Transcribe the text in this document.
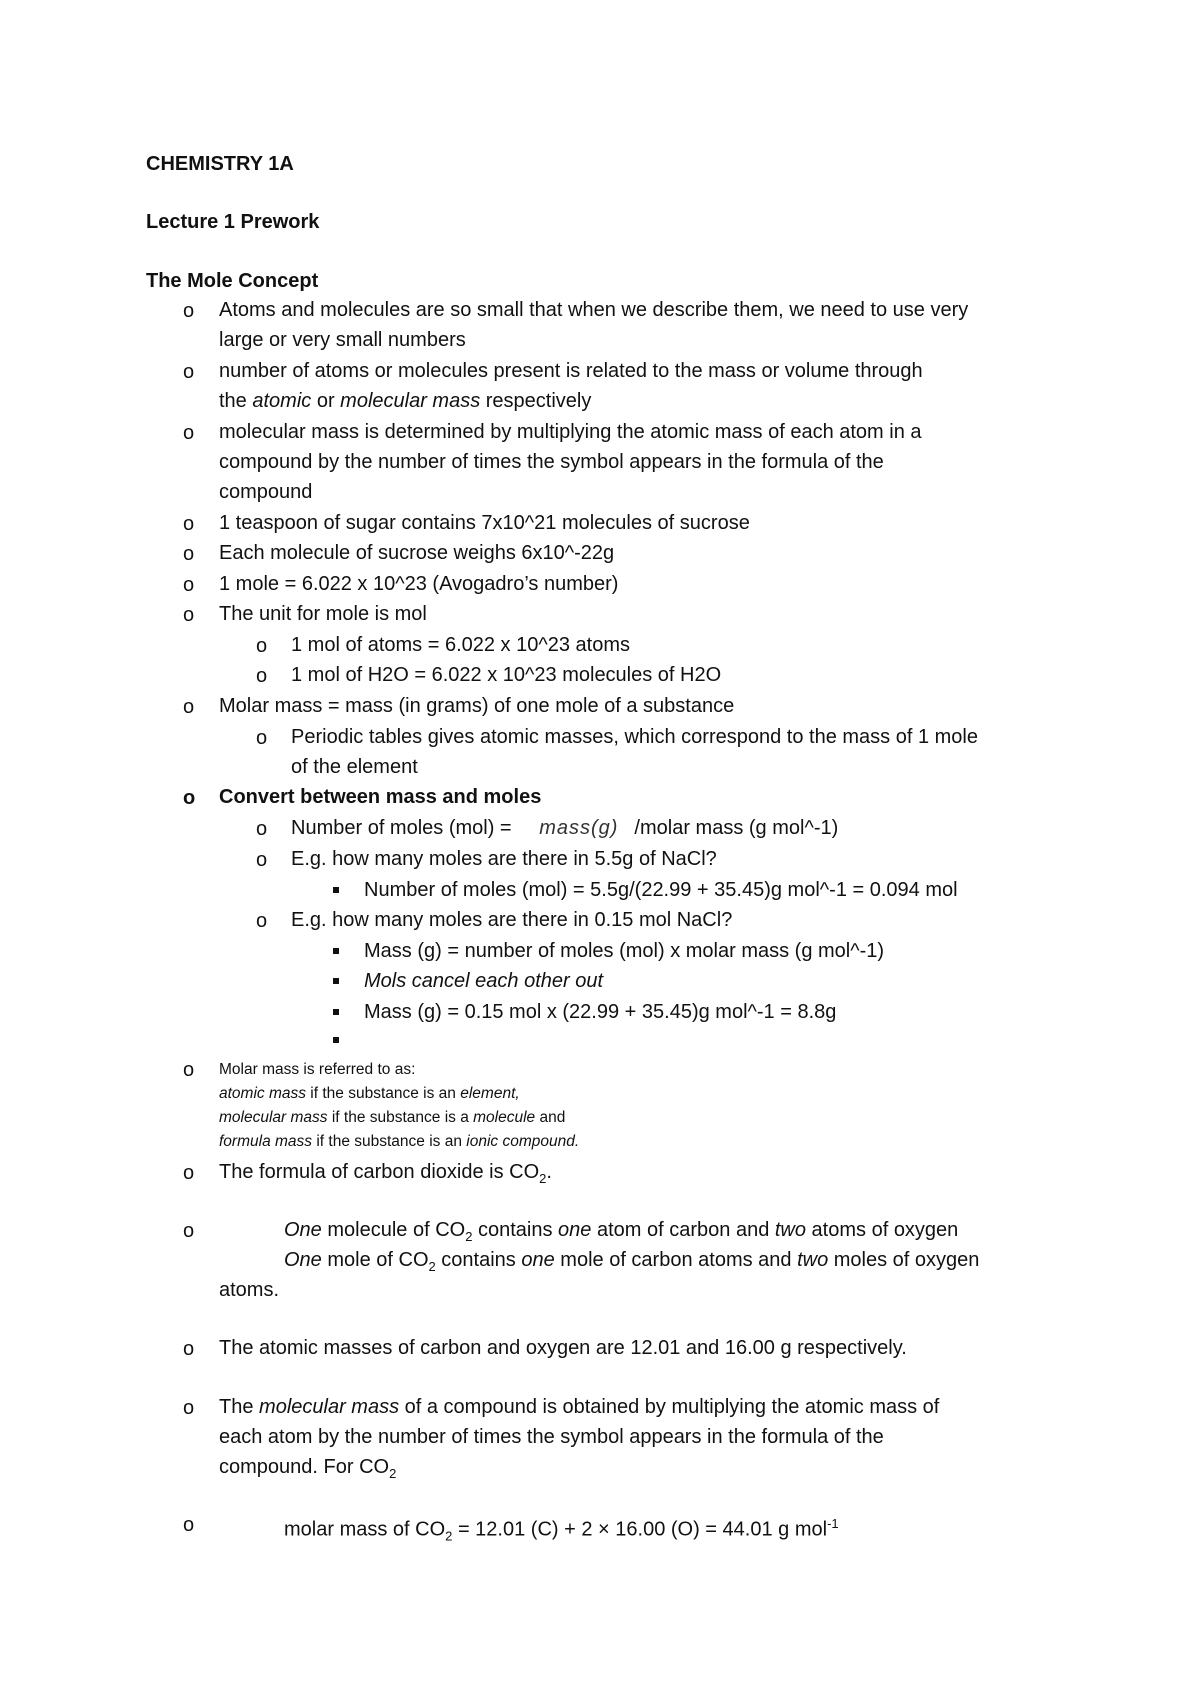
CHEMISTRY 1A
Lecture 1 Prework
The Mole Concept
o Atoms and molecules are so small that when we describe them, we need to use very
large or very small numbers
o number of atoms or molecules present is related to the mass or volume through
the atomic or molecular mass respectively
o molecular mass is determined by multiplying the atomic mass of each atom in a
compound by the number of times the symbol appears in the formula of the
compound
o 1 teaspoon of sugar contains 7x10^21 molecules of sucrose
o Each molecule of sucrose weighs 6x10^-22g
o 1 mole = 6.022 x 10^23 (Avogadro’s number)
o The unit for mole is mol
o 1 mol of atoms = 6.022 x 10^23 atoms
o 1 mol of H2O = 6.022 x 10^23 molecules of H2O
o Molar mass = mass (in grams) of one mole of a substance
o Periodic tables gives atomic masses, which correspond to the mass of 1 mole
of the element
o Convert between mass and moles
o Number of moles (mol) = mass(g) /molar mass (g mol^-1)
o E.g. how many moles are there in 5.5g of NaCl?
Number of moles (mol) = 5.5g/(22.99 + 35.45)g mol^-1 = 0.094 mol
o E.g. how many moles are there in 0.15 mol NaCl?
Mass (g) = number of moles (mol) x molar mass (g mol^-1)
Mols cancel each other out
Mass (g) = 0.15 mol x (22.99 + 35.45)g mol^-1 = 8.8g
o Molar mass is referred to as:
atomic mass if the substance is an element,
molecular mass if the substance is a molecule and
formula mass if the substance is an ionic compound.
o The formula of carbon dioxide is $CO_2$.
o	One molecule of $CO_2$ contains one atom of carbon and two atoms of oxygen
One mole of $CO_2$ contains one mole of carbon atoms and two moles of oxygen
atoms.
o The atomic masses of carbon and oxygen are 12.01 and 16.00 g respectively.
o The molecular mass of a compound is obtained by multiplying the atomic mass of
each atom by the number of times the symbol appears in the formula of the
compound. For $CO_2$
o	molar mass of $CO_2 = 12.01$ (C) + 2 × 16.00 (O) = 44.01 g mol$^{-1}$
